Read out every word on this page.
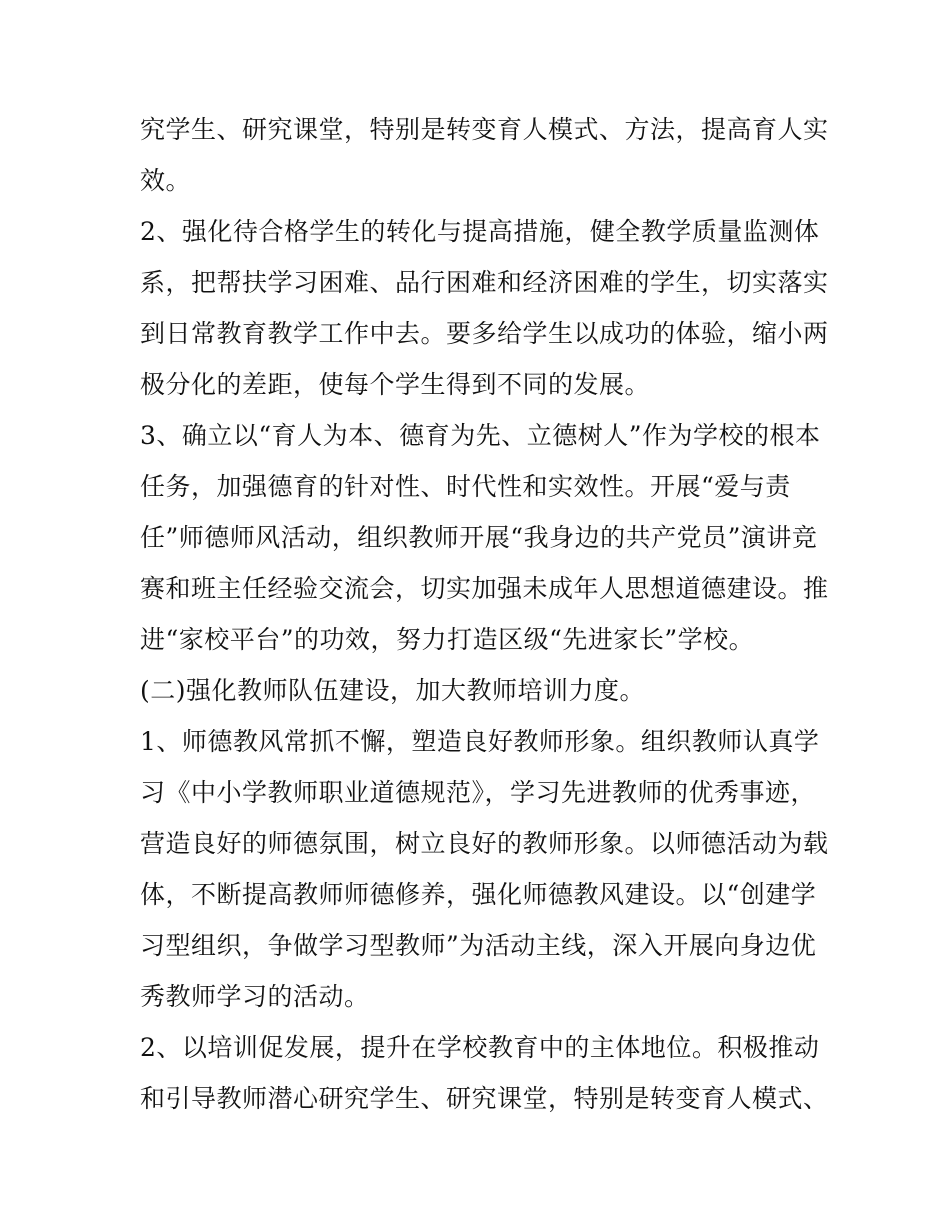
究学生、研究课堂，特别是转变育人模式、方法，提高育人实
效。
2、强化待合格学生的转化与提高措施，健全教学质量监测体
系，把帮扶学习困难、品行困难和经济困难的学生，切实落实
到日常教育教学工作中去。要多给学生以成功的体验，缩小两
极分化的差距，使每个学生得到不同的发展。
3、确立以“育人为本、德育为先、立德树人”作为学校的根本
任务，加强德育的针对性、时代性和实效性。开展“爱与责
任”师德师风活动，组织教师开展“我身边的共产党员”演讲竞
赛和班主任经验交流会，切实加强未成年人思想道德建设。推
进“家校平台”的功效，努力打造区级“先进家长”学校。
(二)强化教师队伍建设，加大教师培训力度。
1、师德教风常抓不懈，塑造良好教师形象。组织教师认真学
习《中小学教师职业道德规范》，学习先进教师的优秀事迹，
营造良好的师德氛围，树立良好的教师形象。以师德活动为载
体，不断提高教师师德修养，强化师德教风建设。以“创建学
习型组织，争做学习型教师”为活动主线，深入开展向身边优
秀教师学习的活动。
2、以培训促发展，提升在学校教育中的主体地位。积极推动
和引导教师潜心研究学生、研究课堂，特别是转变育人模式、
